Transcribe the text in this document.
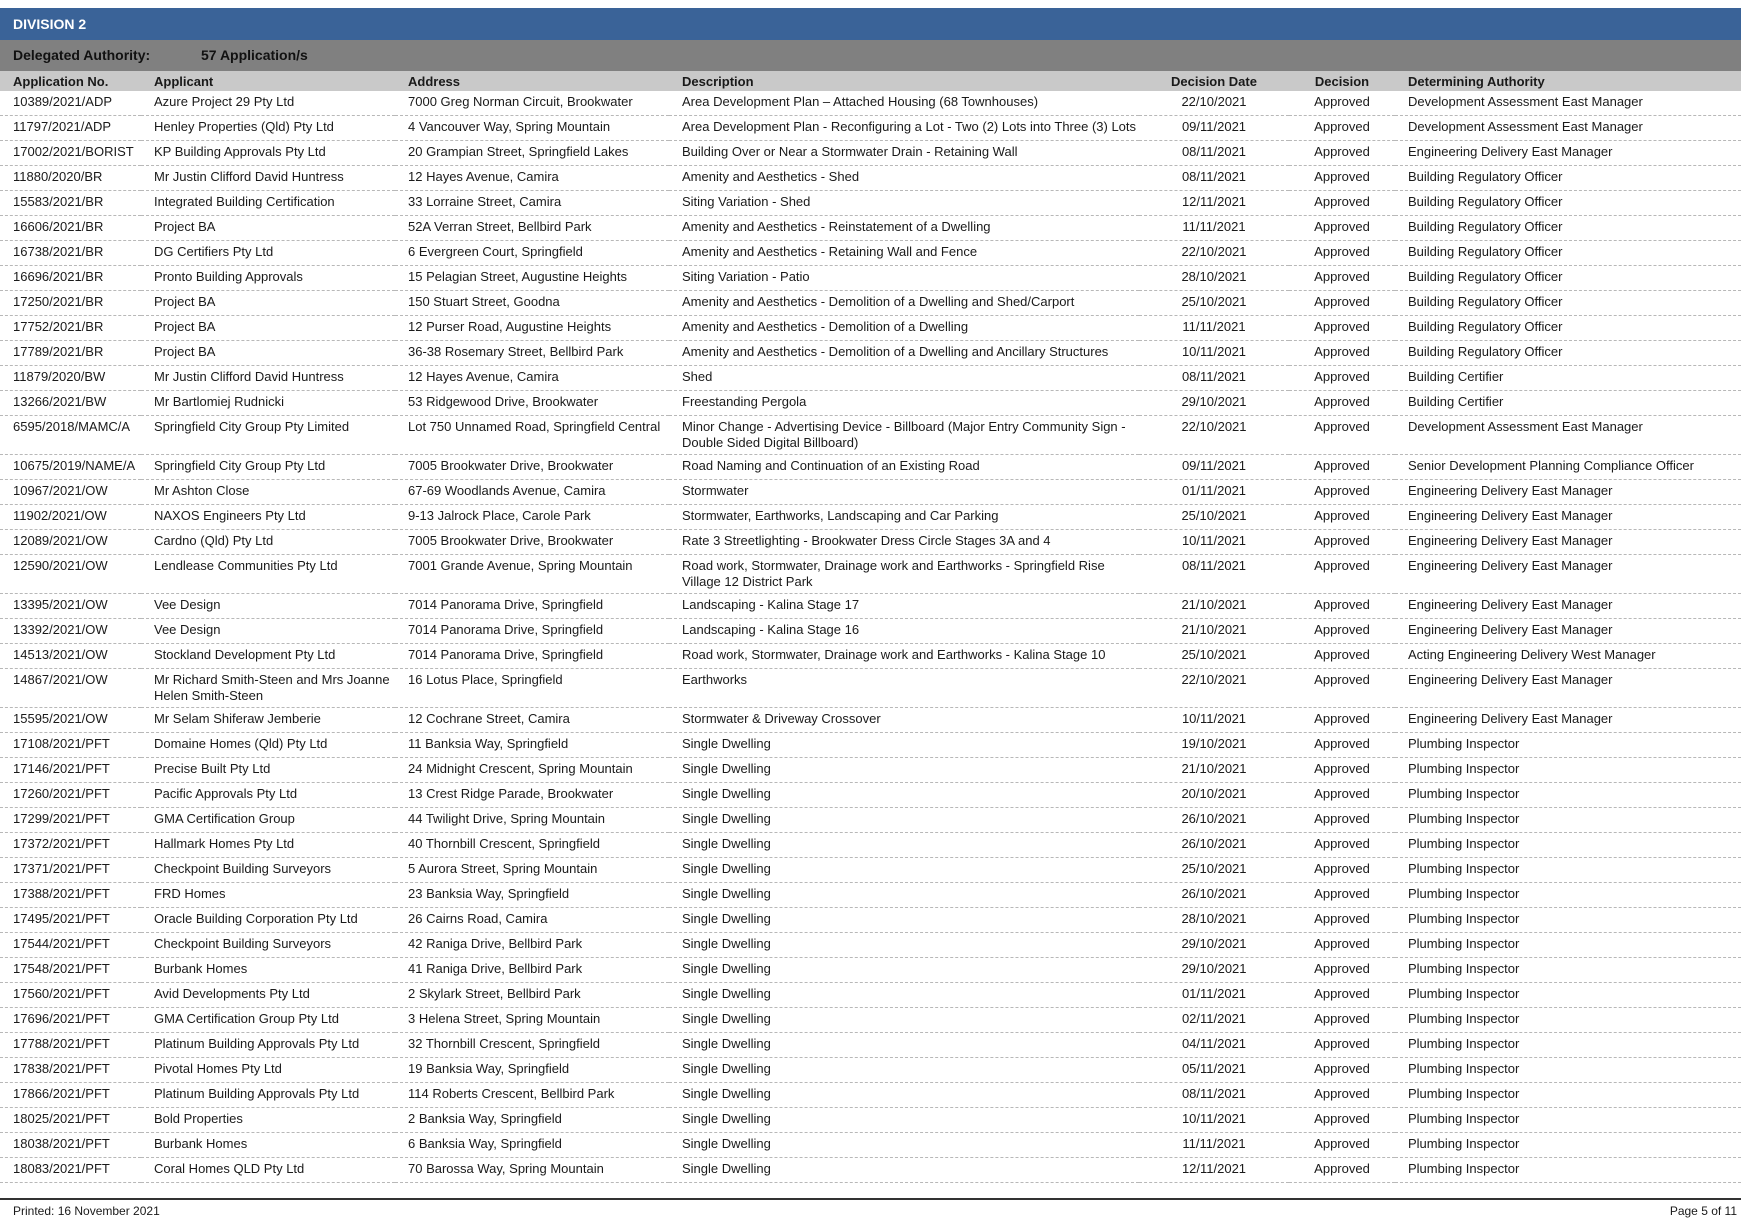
DIVISION 2
Delegated Authority:	57 Application/s
Application No.	Applicant	Address	Description	Decision Date	Decision	Determining Authority
10389/2021/ADP	Azure Project 29 Pty Ltd	7000 Greg Norman Circuit, Brookwater	Area Development Plan – Attached Housing (68 Townhouses)	22/10/2021	Approved	Development Assessment East Manager
11797/2021/ADP	Henley Properties (Qld) Pty Ltd	4 Vancouver Way, Spring Mountain	Area Development Plan - Reconfiguring a Lot - Two (2) Lots into Three (3) Lots	09/11/2021	Approved	Development Assessment East Manager
17002/2021/BORIST	KP Building Approvals Pty Ltd	20 Grampian Street, Springfield Lakes	Building Over or Near a Stormwater Drain - Retaining Wall	08/11/2021	Approved	Engineering Delivery East Manager
11880/2020/BR	Mr Justin Clifford David Huntress	12 Hayes Avenue, Camira	Amenity and Aesthetics - Shed	08/11/2021	Approved	Building Regulatory Officer
15583/2021/BR	Integrated Building Certification	33 Lorraine Street, Camira	Siting Variation - Shed	12/11/2021	Approved	Building Regulatory Officer
16606/2021/BR	Project BA	52A Verran Street, Bellbird Park	Amenity and Aesthetics - Reinstatement of a Dwelling	11/11/2021	Approved	Building Regulatory Officer
16738/2021/BR	DG Certifiers Pty Ltd	6 Evergreen Court, Springfield	Amenity and Aesthetics - Retaining Wall and Fence	22/10/2021	Approved	Building Regulatory Officer
16696/2021/BR	Pronto Building Approvals	15 Pelagian Street, Augustine Heights	Siting Variation - Patio	28/10/2021	Approved	Building Regulatory Officer
17250/2021/BR	Project BA	150 Stuart Street, Goodna	Amenity and Aesthetics - Demolition of a Dwelling and Shed/Carport	25/10/2021	Approved	Building Regulatory Officer
17752/2021/BR	Project BA	12 Purser Road, Augustine Heights	Amenity and Aesthetics - Demolition of a Dwelling	11/11/2021	Approved	Building Regulatory Officer
17789/2021/BR	Project BA	36-38 Rosemary Street, Bellbird Park	Amenity and Aesthetics - Demolition of a Dwelling and Ancillary Structures	10/11/2021	Approved	Building Regulatory Officer
11879/2020/BW	Mr Justin Clifford David Huntress	12 Hayes Avenue, Camira	Shed	08/11/2021	Approved	Building Certifier
13266/2021/BW	Mr Bartlomiej Rudnicki	53 Ridgewood Drive, Brookwater	Freestanding Pergola	29/10/2021	Approved	Building Certifier
6595/2018/MAMC/A	Springfield City Group Pty Limited	Lot 750 Unnamed Road, Springfield Central	Minor Change - Advertising Device - Billboard (Major Entry Community Sign - Double Sided Digital Billboard)	22/10/2021	Approved	Development Assessment East Manager
10675/2019/NAME/A	Springfield City Group Pty Ltd	7005 Brookwater Drive, Brookwater	Road Naming and Continuation of an Existing Road	09/11/2021	Approved	Senior Development Planning Compliance Officer
10967/2021/OW	Mr Ashton Close	67-69 Woodlands Avenue, Camira	Stormwater	01/11/2021	Approved	Engineering Delivery East Manager
11902/2021/OW	NAXOS Engineers Pty Ltd	9-13 Jalrock Place, Carole Park	Stormwater, Earthworks, Landscaping and Car Parking	25/10/2021	Approved	Engineering Delivery East Manager
12089/2021/OW	Cardno (Qld) Pty Ltd	7005 Brookwater Drive, Brookwater	Rate 3 Streetlighting - Brookwater Dress Circle Stages 3A and 4	10/11/2021	Approved	Engineering Delivery East Manager
12590/2021/OW	Lendlease Communities Pty Ltd	7001 Grande Avenue, Spring Mountain	Road work, Stormwater, Drainage work and Earthworks - Springfield Rise Village 12 District Park	08/11/2021	Approved	Engineering Delivery East Manager
13395/2021/OW	Vee Design	7014 Panorama Drive, Springfield	Landscaping - Kalina Stage 17	21/10/2021	Approved	Engineering Delivery East Manager
13392/2021/OW	Vee Design	7014 Panorama Drive, Springfield	Landscaping - Kalina Stage 16	21/10/2021	Approved	Engineering Delivery East Manager
14513/2021/OW	Stockland Development Pty Ltd	7014 Panorama Drive, Springfield	Road work, Stormwater, Drainage work and Earthworks - Kalina Stage 10	25/10/2021	Approved	Acting Engineering Delivery West Manager
14867/2021/OW	Mr Richard Smith-Steen and Mrs Joanne Helen Smith-Steen	16 Lotus Place, Springfield	Earthworks	22/10/2021	Approved	Engineering Delivery East Manager
15595/2021/OW	Mr Selam Shiferaw Jemberie	12 Cochrane Street, Camira	Stormwater & Driveway Crossover	10/11/2021	Approved	Engineering Delivery East Manager
17108/2021/PFT	Domaine Homes (Qld) Pty Ltd	11 Banksia Way, Springfield	Single Dwelling	19/10/2021	Approved	Plumbing Inspector
17146/2021/PFT	Precise Built Pty Ltd	24 Midnight Crescent, Spring Mountain	Single Dwelling	21/10/2021	Approved	Plumbing Inspector
17260/2021/PFT	Pacific Approvals Pty Ltd	13 Crest Ridge Parade, Brookwater	Single Dwelling	20/10/2021	Approved	Plumbing Inspector
17299/2021/PFT	GMA Certification Group	44 Twilight Drive, Spring Mountain	Single Dwelling	26/10/2021	Approved	Plumbing Inspector
17372/2021/PFT	Hallmark Homes Pty Ltd	40 Thornbill Crescent, Springfield	Single Dwelling	26/10/2021	Approved	Plumbing Inspector
17371/2021/PFT	Checkpoint Building Surveyors	5 Aurora Street, Spring Mountain	Single Dwelling	25/10/2021	Approved	Plumbing Inspector
17388/2021/PFT	FRD Homes	23 Banksia Way, Springfield	Single Dwelling	26/10/2021	Approved	Plumbing Inspector
17495/2021/PFT	Oracle Building Corporation Pty Ltd	26 Cairns Road, Camira	Single Dwelling	28/10/2021	Approved	Plumbing Inspector
17544/2021/PFT	Checkpoint Building Surveyors	42 Raniga Drive, Bellbird Park	Single Dwelling	29/10/2021	Approved	Plumbing Inspector
17548/2021/PFT	Burbank Homes	41 Raniga Drive, Bellbird Park	Single Dwelling	29/10/2021	Approved	Plumbing Inspector
17560/2021/PFT	Avid Developments Pty Ltd	2 Skylark Street, Bellbird Park	Single Dwelling	01/11/2021	Approved	Plumbing Inspector
17696/2021/PFT	GMA Certification Group Pty Ltd	3 Helena Street, Spring Mountain	Single Dwelling	02/11/2021	Approved	Plumbing Inspector
17788/2021/PFT	Platinum Building Approvals Pty Ltd	32 Thornbill Crescent, Springfield	Single Dwelling	04/11/2021	Approved	Plumbing Inspector
17838/2021/PFT	Pivotal Homes Pty Ltd	19 Banksia Way, Springfield	Single Dwelling	05/11/2021	Approved	Plumbing Inspector
17866/2021/PFT	Platinum Building Approvals Pty Ltd	114 Roberts Crescent, Bellbird Park	Single Dwelling	08/11/2021	Approved	Plumbing Inspector
18025/2021/PFT	Bold Properties	2 Banksia Way, Springfield	Single Dwelling	10/11/2021	Approved	Plumbing Inspector
18038/2021/PFT	Burbank Homes	6 Banksia Way, Springfield	Single Dwelling	11/11/2021	Approved	Plumbing Inspector
18083/2021/PFT	Coral Homes QLD Pty Ltd	70 Barossa Way, Spring Mountain	Single Dwelling	12/11/2021	Approved	Plumbing Inspector
Printed: 16 November 2021	Page 5 of 11
